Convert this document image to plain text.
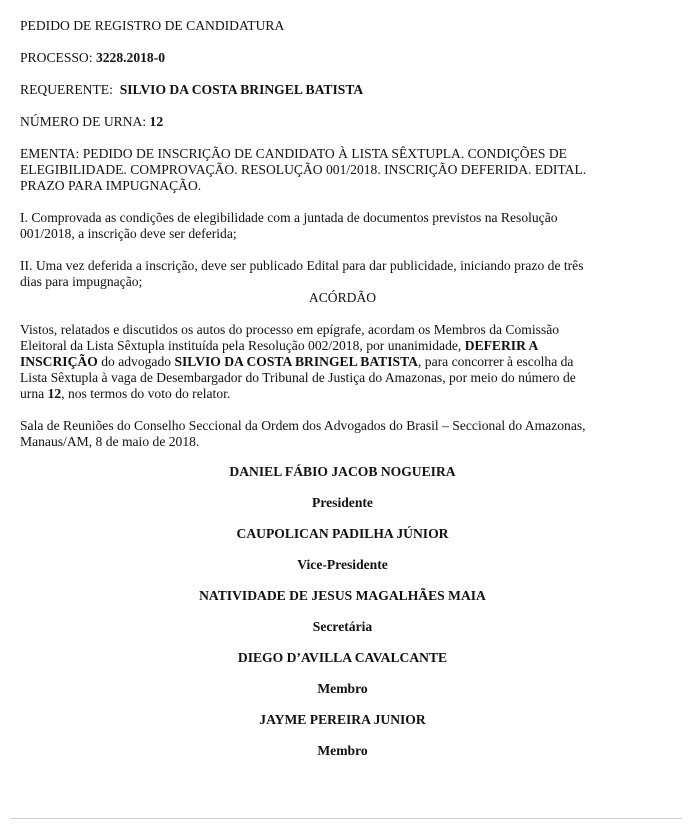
PEDIDO DE REGISTRO DE CANDIDATURA

PROCESSO: 3228.2018-0

REQUERENTE: SILVIO DA COSTA BRINGEL BATISTA

NÚMERO DE URNA: 12

EMENTA: PEDIDO DE INSCRIÇÃO DE CANDIDATO À LISTA SÊXTUPLA. CONDIÇÕES DE

ELEGIBILIDADE. COMPROVAÇÃO. RESOLUÇÃO 001/2018. INSCRIÇÃO DEFERIDA. EDITAL.

PRAZO PARA IMPUGNAÇÃO.

I. Comprovada as condições de elegibilidade com a juntada de documentos previstos na Resolução

001/2018, a inscrição deve ser deferida;

II. Uma vez deferida a inscrição, deve ser publicado Edital para dar publicidade, iniciando prazo de três

dias para impugnação;

ACÓRDÃO

Vistos, relatados e discutidos os autos do processo em epígrafe, acordam os Membros da Comissão

Eleitoral da Lista Sêxtupla instituída pela Resolução 002/2018, por unanimidade, DEFERIR A

INSCRIÇÃO do advogado SILVIO DA COSTA BRINGEL BATISTA, para concorrer à escolha da

Lista Sêxtupla à vaga de Desembargador do Tribunal de Justiça do Amazonas, por meio do número de

urna 12, nos termos do voto do relator.

Sala de Reuniões do Conselho Seccional da Ordem dos Advogados do Brasil – Seccional do Amazonas,

Manaus/AM, 8 de maio de 2018.

DANIEL FÁBIO JACOB NOGUEIRA

Presidente

CAUPOLICAN PADILHA JÚNIOR

Vice-Presidente

NATIVIDADE DE JESUS MAGALHÃES MAIA

Secretária

DIEGO D’AVILLA CAVALCANTE

Membro

JAYME PEREIRA JUNIOR

Membro
